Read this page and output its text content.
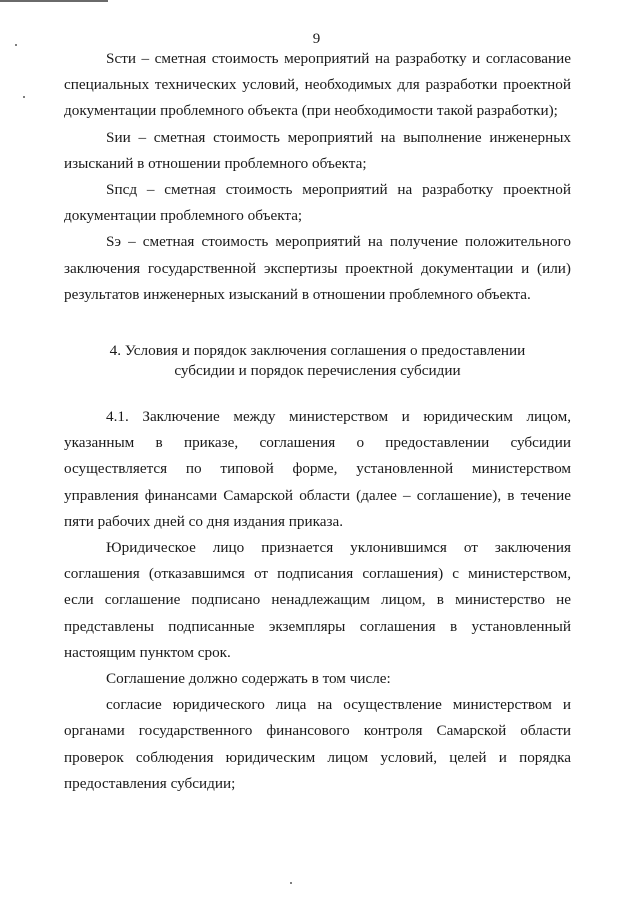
9

Sсти – сметная стоимость мероприятий на разработку и согласование специальных технических условий, необходимых для разработки проектной документации проблемного объекта (при необходимости такой разработки);

Sии – сметная стоимость мероприятий на выполнение инженерных изысканий в отношении проблемного объекта;

Sпсд – сметная стоимость мероприятий на разработку проектной документации проблемного объекта;

Sэ – сметная стоимость мероприятий на получение положительного заключения государственной экспертизы проектной документации и (или) результатов инженерных изысканий в отношении проблемного объекта.

4. Условия и порядок заключения соглашения о предоставлении

субсидии и порядок перечисления субсидии

4.1. Заключение между министерством и юридическим лицом, указанным в приказе, соглашения о предоставлении субсидии осуществляется по типовой форме, установленной министерством управления финансами Самарской области (далее – соглашение), в течение пяти рабочих дней со дня издания приказа.

Юридическое лицо признается уклонившимся от заключения соглашения (отказавшимся от подписания соглашения) с министерством, если соглашение подписано ненадлежащим лицом, в министерство не представлены подписанные экземпляры соглашения в установленный настоящим пунктом срок.

Соглашение должно содержать в том числе:

согласие юридического лица на осуществление министерством и органами государственного финансового контроля Самарской области проверок соблюдения юридическим лицом условий, целей и порядка предоставления субсидии;
